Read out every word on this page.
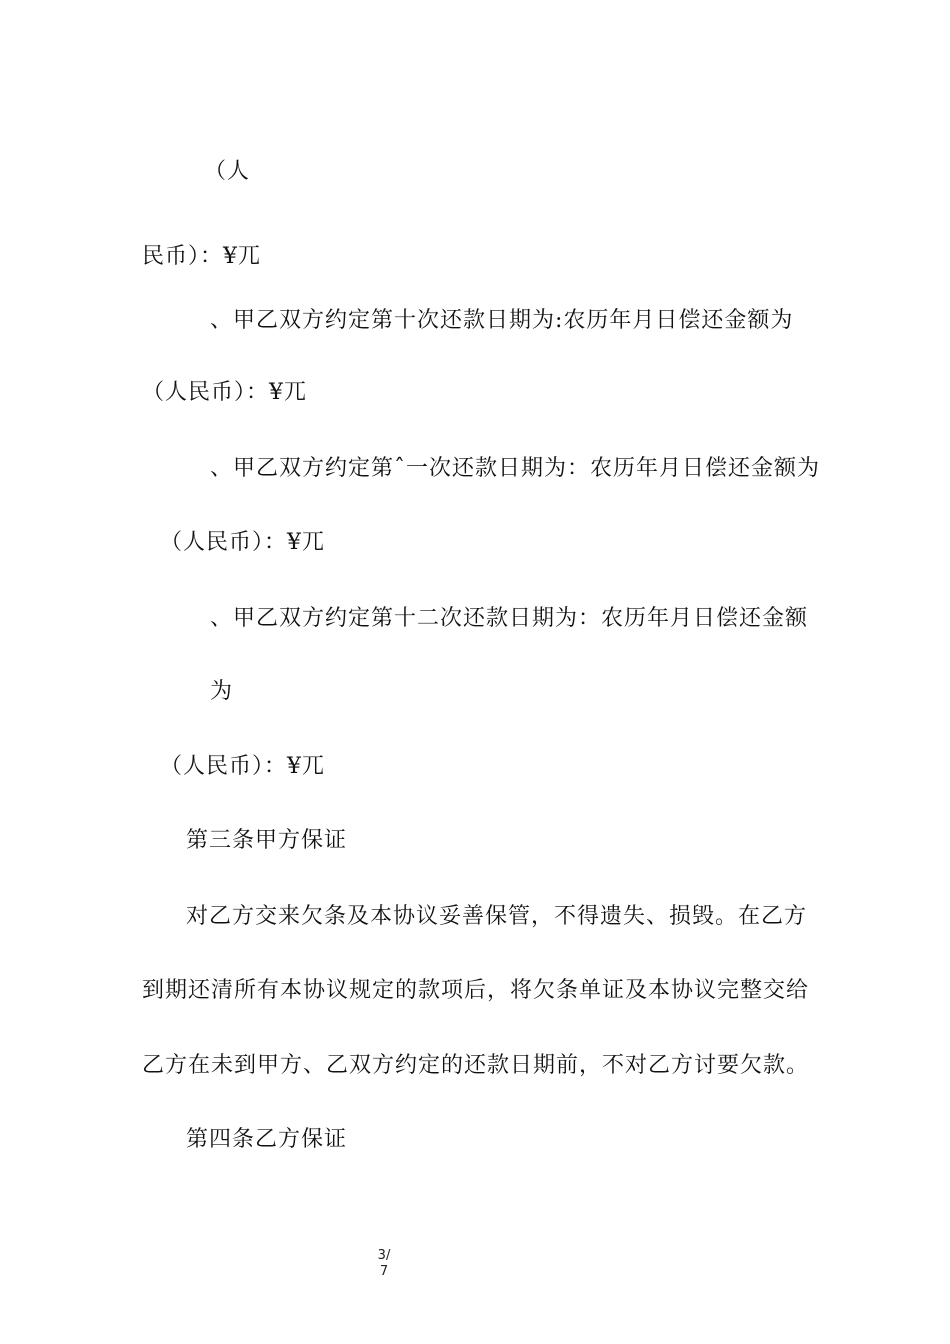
（人

民币）：¥兀

、甲乙双方约定第十次还款日期为:农历年月日偿还金额为

（人民币）：¥兀

、甲乙双方约定第ˆ一次还款日期为：农历年月日偿还金额为

（人民币）：¥兀

、甲乙双方约定第十二次还款日期为：农历年月日偿还金额

为

（人民币）：¥兀

第三条甲方保证

对乙方交来欠条及本协议妥善保管，不得遗失、损毁。在乙方

到期还清所有本协议规定的款项后，将欠条单证及本协议完整交给

乙方在未到甲方、乙双方约定的还款日期前，不对乙方讨要欠款。

第四条乙方保证

3/
7
